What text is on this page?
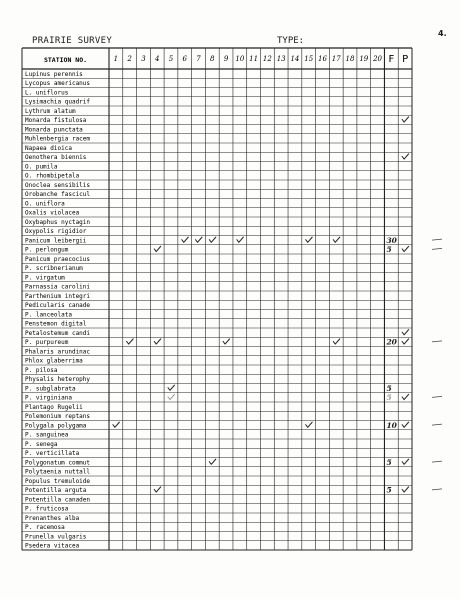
PRAIRIE SURVEY	TYPE:
4.
STATION NO.	1 2 3 4 5 6 7 8 9 10 11 12 13 14 15 16 17 18 19 20 F P
Lupinus perennis
Lycopus americanus
L. uniflorus
Lysimachia quadrif
Lythrum alatum
Monarda fistulosa
Monarda punctata
Muhlenbergia racem
Napaea dioica
Oenothera biennis
O. pumila
O. rhombipetala
Onoclea sensibilis
Orobanche fascicul
O. uniflora
Oxalis violacea
Oxybaphus nyctagin
Oxypolis rigidior
Panicum leibergii
P. perlongum
Panicum praecocius
P. scribnerianum
P. virgatum
Parnassia carolini
Parthenium integri
Pedicularis canade
P. lanceolata
Penstemon digital
Petalostemum candi
P. purpureum
Phalaris arundinac
Phlox glaberrima
P. pilosa
Physalis heterophy
P. subglabrata
P. virginiana
Plantago Rugelii
Polemonium reptans
Polygala polygama
P. sanguinea
P. senega
P. verticillata
Polygonatum commut
Polytaenia nuttall
Populus tremuloide
Potentilla arguta
Potentilla canaden
P. fruticosa
Prenanthes alba
P. racemosa
Prunella vulgaris
Psedera vitacea
30
5
20
5
5
10
5
5
